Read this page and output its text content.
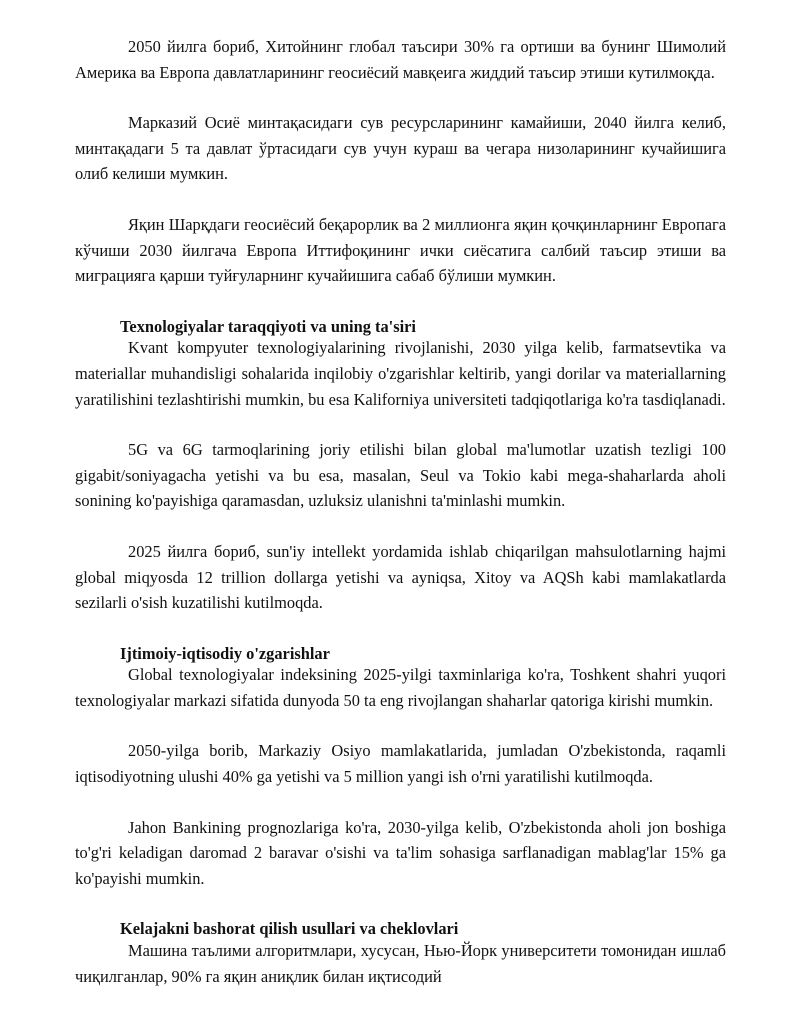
2050 йилга бориб, Хитойнинг глобал таъсири 30% га ортиши ва бунинг Шимолий Америка ва Европа давлатларининг геосиёсий мавқеига жиддий таъсир этиши кутилмоқда.

Марказий Осиё минтақасидаги сув ресурсларининг камайиши, 2040 йилга келиб, минтақадаги 5 та давлат ўртасидаги сув учун кураш ва чегара низоларининг кучайишига олиб келиши мумкин.

Яқин Шарқдаги геосиёсий беқарорлик ва 2 миллионга яқин қочқинларнинг Европага кўчиши 2030 йилгача Европа Иттифоқининг ички сиёсатига салбий таъсир этиши ва миграцияга қарши туйғуларнинг кучайишига сабаб бўлиши мумкин.

Texnologiyalar taraqqiyoti va uning ta'siri

Kvant kompyuter texnologiyalarining rivojlanishi, 2030 yilga kelib, farmatsevtika va materiallar muhandisligi sohalarida inqilobiy o'zgarishlar keltirib, yangi dorilar va materiallarning yaratilishini tezlashtirishi mumkin, bu esa Kaliforniya universiteti tadqiqotlariga ko'ra tasdiqlanadi.

5G va 6G tarmoqlarining joriy etilishi bilan global ma'lumotlar uzatish tezligi 100 gigabit/soniyagacha yetishi va bu esa, masalan, Seul va Tokio kabi mega-shaharlarda aholi sonining ko'payishiga qaramasdan, uzluksiz ulanishni ta'minlashi mumkin.

2025 йилга бориб, sun'iy intellekt yordamida ishlab chiqarilgan mahsulotlarning hajmi global miqyosda 12 trillion dollarga yetishi va ayniqsa, Xitoy va AQSh kabi mamlakatlarda sezilarli o'sish kuzatilishi kutilmoqda.

Ijtimoiy-iqtisodiy o'zgarishlar

Global texnologiyalar indeksining 2025-yilgi taxminlariga ko'ra, Toshkent shahri yuqori texnologiyalar markazi sifatida dunyoda 50 ta eng rivojlangan shaharlar qatoriga kirishi mumkin.

2050-yilga borib, Markaziy Osiyo mamlakatlarida, jumladan O'zbekistonda, raqamli iqtisodiyotning ulushi 40% ga yetishi va 5 million yangi ish o'rni yaratilishi kutilmoqda.

Jahon Bankining prognozlariga ko'ra, 2030-yilga kelib, O'zbekistonda aholi jon boshiga to'g'ri keladigan daromad 2 baravar o'sishi va ta'lim sohasiga sarflanadigan mablag'lar 15% ga ko'payishi mumkin.

Kelajakni bashorat qilish usullari va cheklovlari

Машина таълими алгоритмлари, хусусан, Нью-Йорк университети томонидан ишлаб чиқилганлар, 90% га яқин аниқлик билан иқтисодий
